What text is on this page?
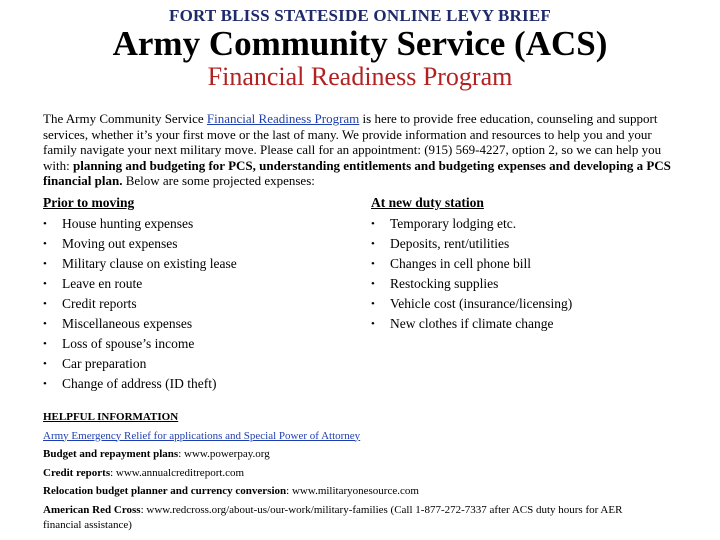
FORT BLISS STATESIDE ONLINE LEVY BRIEF
Army Community Service (ACS)
Financial Readiness Program
The Army Community Service Financial Readiness Program is here to provide free education, counseling and support services, whether it’s your first move or the last of many. We provide information and resources to help you and your family navigate your next military move. Please call for an appointment: (915) 569-4227, option 2, so we can help you with: planning and budgeting for PCS, understanding entitlements and budgeting expenses and developing a PCS financial plan. Below are some projected expenses:
Prior to moving
• House hunting expenses
• Moving out expenses
• Military clause on existing lease
• Leave en route
• Credit reports
• Miscellaneous expenses
• Loss of spouse’s income
• Car preparation
• Change of address (ID theft)
At new duty station
• Temporary lodging etc.
• Deposits, rent/utilities
• Changes in cell phone bill
• Restocking supplies
• Vehicle cost (insurance/licensing)
• New clothes if climate change
HELPFUL INFORMATION
Army Emergency Relief for applications and Special Power of Attorney
Budget and repayment plans: www.powerpay.org
Credit reports: www.annualcreditreport.com
Relocation budget planner and currency conversion: www.militaryonesource.com
American Red Cross: www.redcross.org/about-us/our-work/military-families (Call 1-877-272-7337 after ACS duty hours for AER
financial assistance)
